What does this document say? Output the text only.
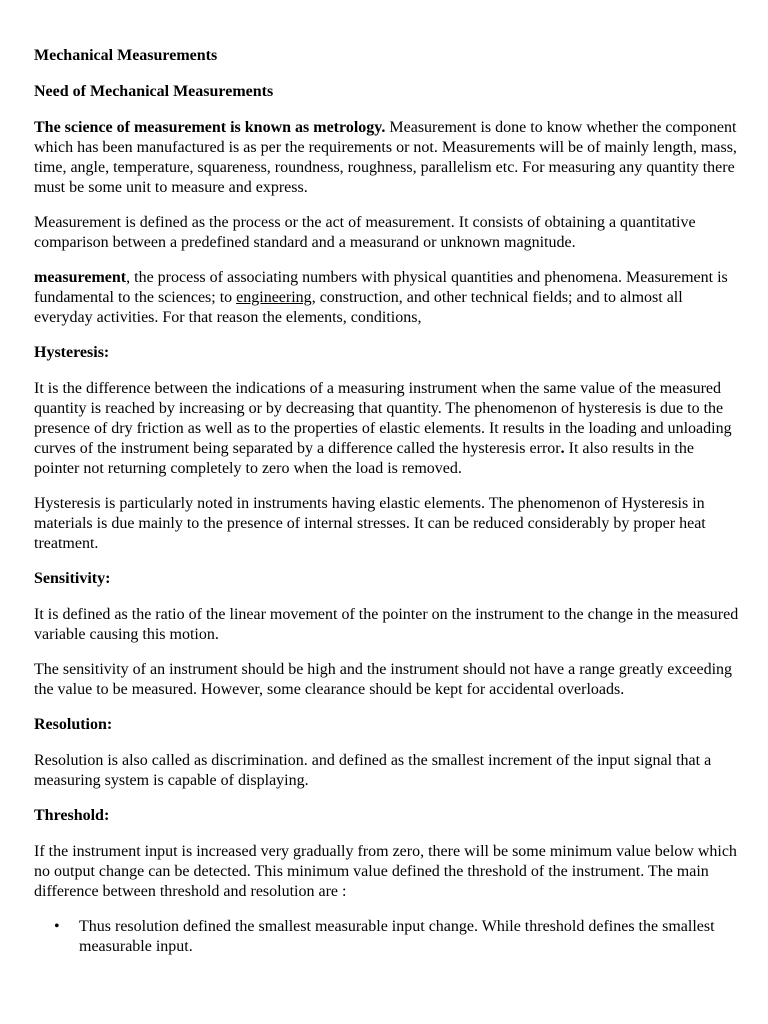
Mechanical Measurements
Need of Mechanical Measurements

The science of measurement is known as metrology. Measurement is done to know whether the component which has been manufactured is as per the requirements or not. Measurements will be of mainly length, mass, time, angle, temperature, squareness, roundness, roughness, parallelism etc. For measuring any quantity there must be some unit to measure and express.

Measurement is defined as the process or the act of measurement. It consists of obtaining a quantitative comparison between a predefined standard and a measurand or unknown magnitude.

measurement, the process of associating numbers with physical quantities and phenomena. Measurement is fundamental to the sciences; to engineering, construction, and other technical fields; and to almost all everyday activities. For that reason the elements, conditions,

Hysteresis:

It is the difference between the indications of a measuring instrument when the same value of the measured quantity is reached by increasing or by decreasing that quantity. The phenomenon of hysteresis is due to the presence of dry friction as well as to the properties of elastic elements. It results in the loading and unloading curves of the instrument being separated by a difference called the hysteresis error. It also results in the pointer not returning completely to zero when the load is removed.

Hysteresis is particularly noted in instruments having elastic elements. The phenomenon of Hysteresis in materials is due mainly to the presence of internal stresses. It can be reduced considerably by proper heat treatment.

Sensitivity:

It is defined as the ratio of the linear movement of the pointer on the instrument to the change in the measured variable causing this motion.

The sensitivity of an instrument should be high and the instrument should not have a range greatly exceeding the value to be measured. However, some clearance should be kept for accidental overloads.

Resolution:

Resolution is also called as discrimination. and defined as the smallest increment of the input signal that a measuring system is capable of displaying.

Threshold:

If the instrument input is increased very gradually from zero, there will be some minimum value below which no output change can be detected. This minimum value defined the threshold of the instrument. The main difference between threshold and resolution are :

• Thus resolution defined the smallest measurable input change. While threshold defines the smallest measurable input.
